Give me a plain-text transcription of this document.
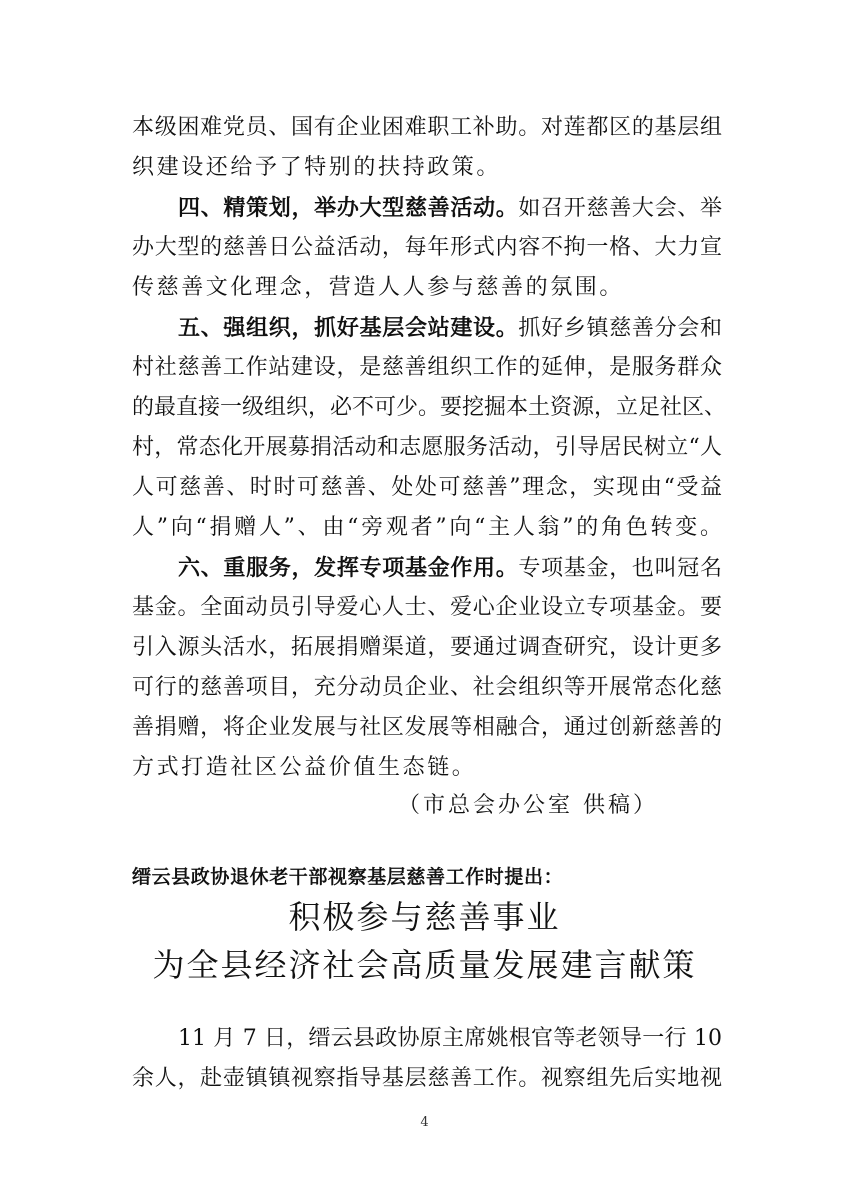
本级困难党员、国有企业困难职工补助。对莲都区的基层组
织建设还给予了特别的扶持政策。
四、精策划，举办大型慈善活动。如召开慈善大会、举
办大型的慈善日公益活动，每年形式内容不拘一格、大力宣
传慈善文化理念，营造人人参与慈善的氛围。
五、强组织，抓好基层会站建设。抓好乡镇慈善分会和
村社慈善工作站建设，是慈善组织工作的延伸，是服务群众
的最直接一级组织，必不可少。要挖掘本土资源，立足社区、
村，常态化开展募捐活动和志愿服务活动，引导居民树立“人
人可慈善、时时可慈善、处处可慈善”理念，实现由“受益
人”向“捐赠人”、由“旁观者”向“主人翁”的角色转变。
六、重服务，发挥专项基金作用。专项基金，也叫冠名
基金。全面动员引导爱心人士、爱心企业设立专项基金。要
引入源头活水，拓展捐赠渠道，要通过调查研究，设计更多
可行的慈善项目，充分动员企业、社会组织等开展常态化慈
善捐赠，将企业发展与社区发展等相融合，通过创新慈善的
方式打造社区公益价值生态链。
（市总会办公室 供稿）
缙云县政协退休老干部视察基层慈善工作时提出：
积极参与慈善事业
为全县经济社会高质量发展建言献策
11 月 7 日，缙云县政协原主席姚根官等老领导一行 10
余人，赴壶镇镇视察指导基层慈善工作。视察组先后实地视
4
